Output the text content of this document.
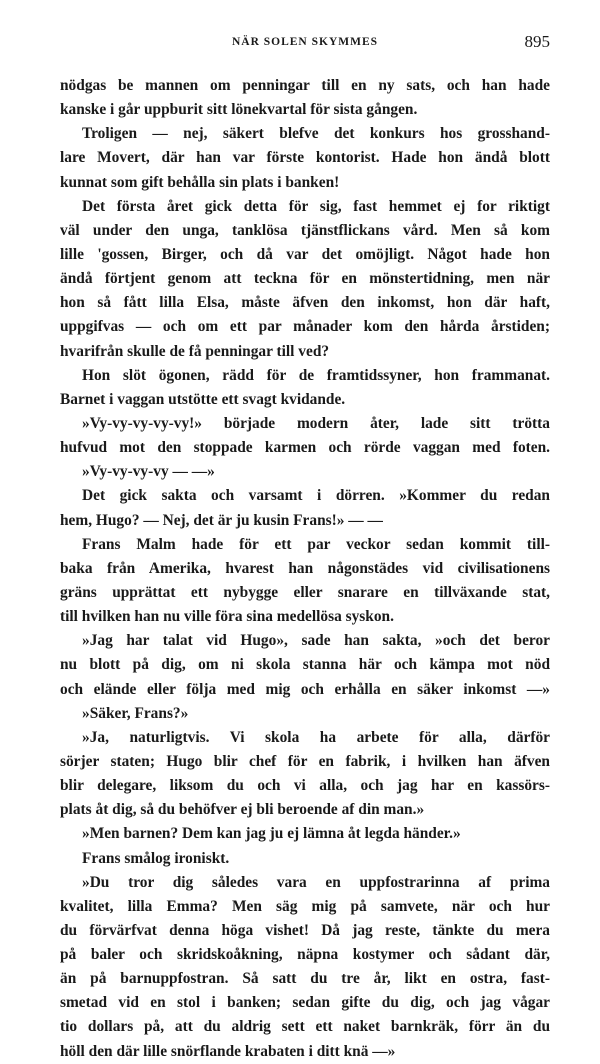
NÄR SOLEN SKYMMES	895
nödgas be mannen om penningar till en ny sats, och han hade
kanske i går uppburit sitt lönekvartal för sista gången.
Troligen — nej, säkert blefve det konkurs hos grosshand-
lare Movert, där han var förste kontorist. Hade hon ändå blott
kunnat som gift behålla sin plats i banken!
Det första året gick detta för sig, fast hemmet ej for riktigt
väl under den unga, tanklösa tjänstflickans vård. Men så kom
lille 'gossen, Birger, och då var det omöjligt. Något hade hon
ändå förtjent genom att teckna för en mönstertidning, men när
hon så fått lilla Elsa, måste äfven den inkomst, hon där haft,
uppgifvas — och om ett par månader kom den hårda årstiden;
hvarifrån skulle de få penningar till ved?
Hon slöt ögonen, rädd för de framtidssyner, hon frammanat.
Barnet i vaggan utstötte ett svagt kvidande.
»Vy-vy-vy-vy-vy!» började modern åter, lade sitt trötta
hufvud mot den stoppade karmen och rörde vaggan med foten.
»Vy-vy-vy-vy — —»
Det gick sakta och varsamt i dörren. »Kommer du redan
hem, Hugo? — Nej, det är ju kusin Frans!» — —
Frans Malm hade för ett par veckor sedan kommit till-
baka från Amerika, hvarest han någonstädes vid civilisationens
gräns upprättat ett nybygge eller snarare en tillväxande stat,
till hvilken han nu ville föra sina medellösa syskon.
»Jag har talat vid Hugo», sade han sakta, »och det beror
nu blott på dig, om ni skola stanna här och kämpa mot nöd
och elände eller följa med mig och erhålla en säker inkomst —»
»Säker, Frans?»
»Ja, naturligtvis. Vi skola ha arbete för alla, därför
sörjer staten; Hugo blir chef för en fabrik, i hvilken han äfven
blir delegare, liksom du och vi alla, och jag har en kassörs-
plats åt dig, så du behöfver ej bli beroende af din man.»
»Men barnen? Dem kan jag ju ej lämna åt legda händer.»
Frans smålog ironiskt.
»Du tror dig således vara en uppfostrarinna af prima
kvalitet, lilla Emma? Men säg mig på samvete, när och hur
du förvärfvat denna höga vishet! Då jag reste, tänkte du mera
på baler och skridskoåkning, näpna kostymer och sådant där,
än på barnuppfostran. Så satt du tre år, likt en ostra, fast-
smetad vid en stol i banken; sedan gifte du dig, och jag vågar
tio dollars på, att du aldrig sett ett naket barnkräk, förr än du
höll den där lille snörflande krabaten i ditt knä —»
